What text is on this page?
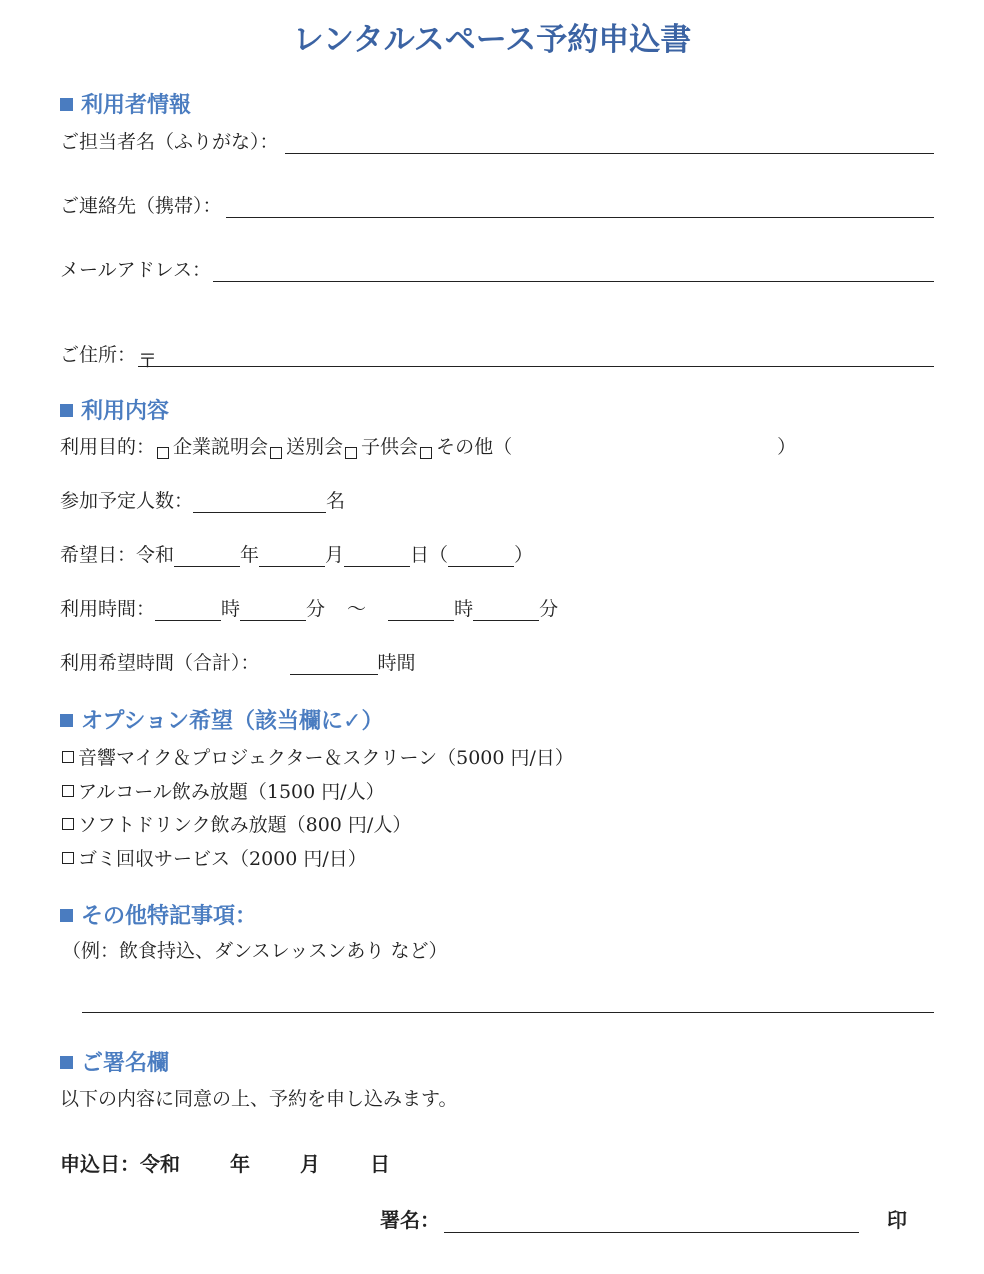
レンタルスペース予約申込書
利用者情報
ご担当者名（ふりがな）：
ご連絡先（携帯）：
メールアドレス：
ご住所： 〒
利用内容
利用目的： 企業説明会 送別会 子供会 その他（	）
参加予定人数：	名
希望日：令和	年	月	日（	）
利用時間：	時	分 ～	時	分
利用希望時間（合計）：	時間
オプション希望（該当欄に✓）
音響マイク＆プロジェクター＆スクリーン（5000 円/日）
アルコール飲み放題（1500 円/人）
ソフトドリンク飲み放題（800 円/人）
ゴミ回収サービス（2000 円/日）
その他特記事項：
（例：飲食持込、ダンスレッスンあり など）
ご署名欄
以下の内容に同意の上、予約を申し込みます。
申込日：令和	年	月	日
署名：	印
